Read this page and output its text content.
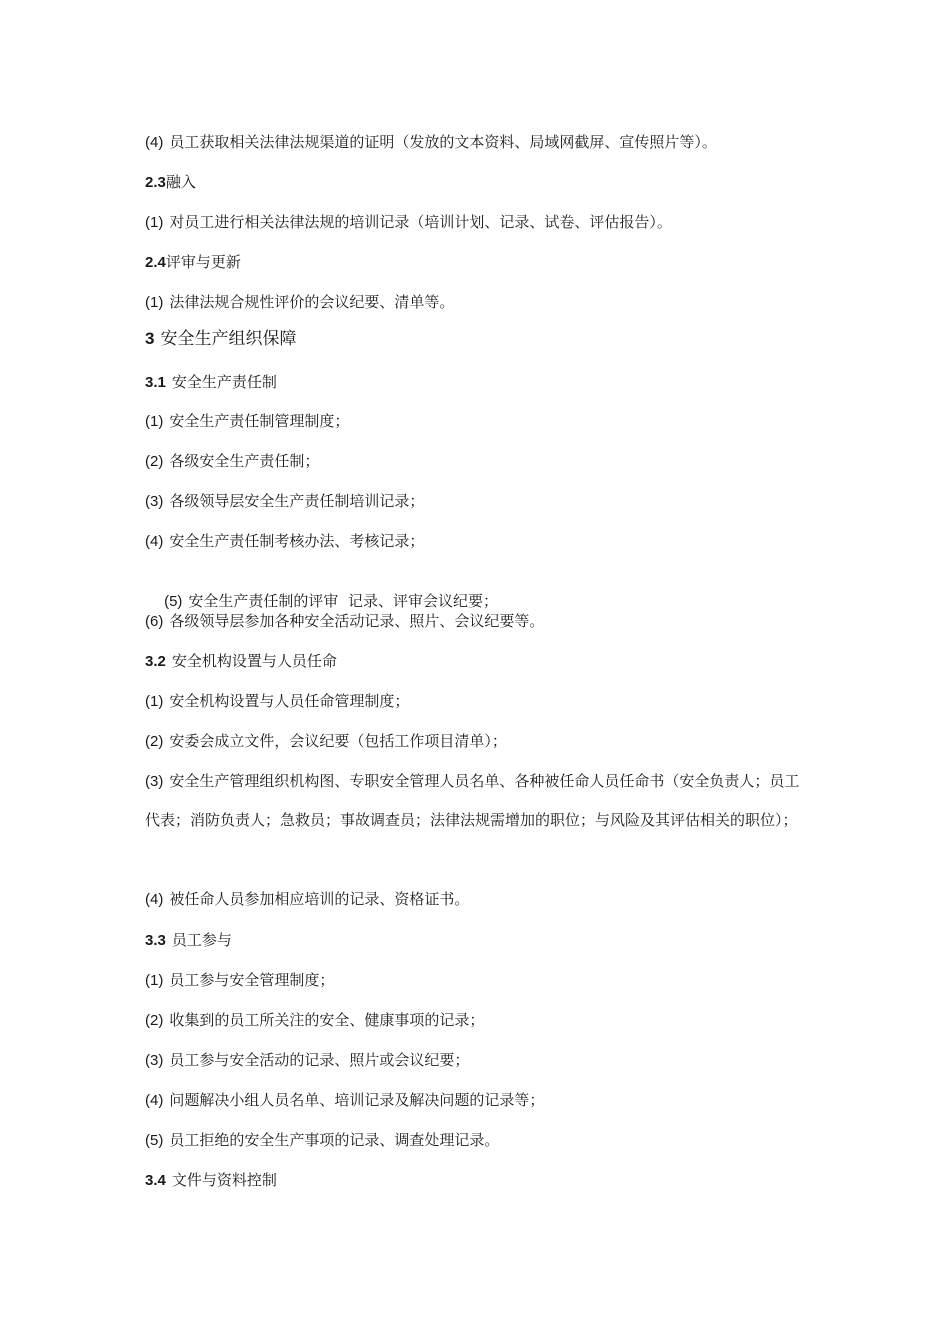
(4) 员工获取相关法律法规渠道的证明（发放的文本资料、局域网截屏、宣传照片等）。
2.3融入
(1) 对员工进行相关法律法规的培训记录（培训计划、记录、试卷、评估报告）。
2.4评审与更新
(1) 法律法规合规性评价的会议纪要、清单等。
3 安全生产组织保障
3.1 安全生产责任制
(1) 安全生产责任制管理制度；
(2) 各级安全生产责任制；
(3) 各级领导层安全生产责任制培训记录；
(4) 安全生产责任制考核办法、考核记录；

(5) 安全生产责任制的评审  记录、评审会议纪要；

(6) 各级领导层参加各种安全活动记录、照片、会议纪要等。
3.2 安全机构设置与人员任命
(1) 安全机构设置与人员任命管理制度；
(2) 安委会成立文件，会议纪要（包括工作项目清单）；
(3) 安全生产管理组织机构图、专职安全管理人员名单、各种被任命人员任命书（安全负责人；员工代表；消防负责人；急救员；事故调查员；法律法规需增加的职位；与风险及其评估相关的职位）；
(4) 被任命人员参加相应培训的记录、资格证书。
3.3 员工参与
(1) 员工参与安全管理制度；
(2) 收集到的员工所关注的安全、健康事项的记录；
(3) 员工参与安全活动的记录、照片或会议纪要；
(4) 问题解决小组人员名单、培训记录及解决问题的记录等；
(5) 员工拒绝的安全生产事项的记录、调查处理记录。
3.4 文件与资料控制
